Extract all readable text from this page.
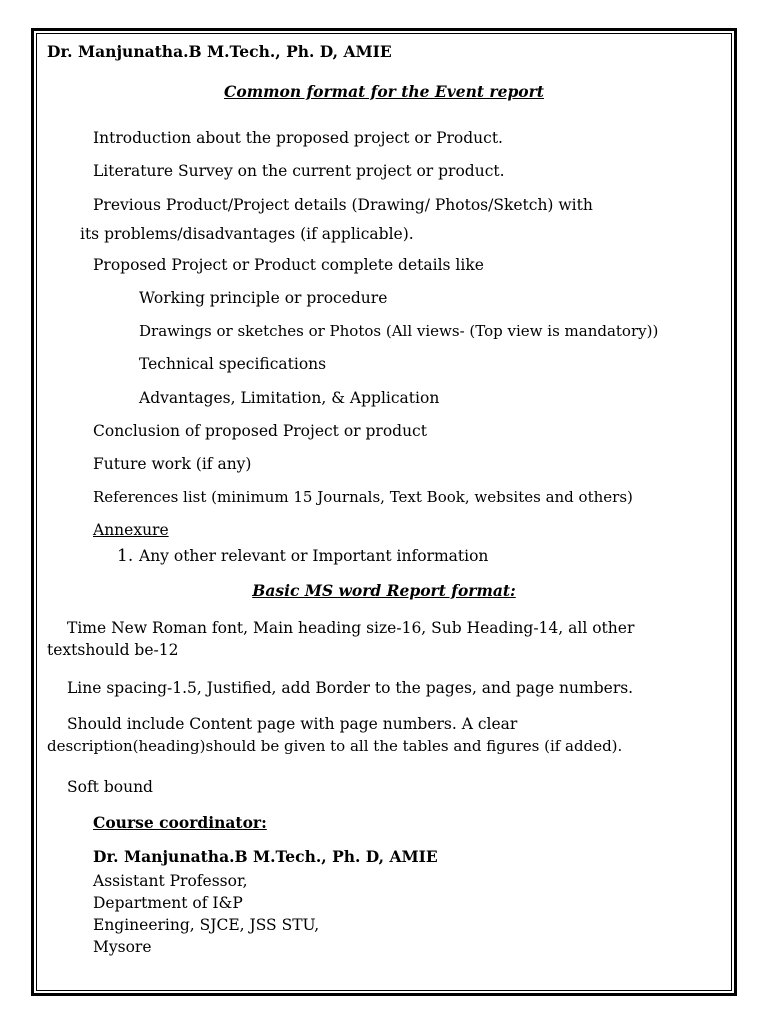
Dr. Manjunatha.B M.Tech., Ph. D, AMIE
Common format for the Event report
Introduction about the proposed project or Product.
Literature Survey on the current project or product.
Previous Product/Project details (Drawing/ Photos/Sketch) with
its problems/disadvantages (if applicable).
Proposed Project or Product complete details like
Working principle or procedure
Drawings or sketches or Photos (All views- (Top view is mandatory))
Technical specifications
Advantages, Limitation, & Application
Conclusion of proposed Project or product
Future work (if any)
References list (minimum 15 Journals, Text Book, websites and others)
Annexure
1. Any other relevant or Important information
Basic MS word Report format:
Time New Roman font, Main heading size-16, Sub Heading-14, all other
textshould be-12
Line spacing-1.5, Justified, add Border to the pages, and page numbers.
Should include Content page with page numbers. A clear
description(heading)should be given to all the tables and figures (if added).
Soft bound
Course coordinator:
Dr. Manjunatha.B M.Tech., Ph. D, AMIE
Assistant Professor,
Department of I&P
Engineering, SJCE, JSS STU,
Mysore
